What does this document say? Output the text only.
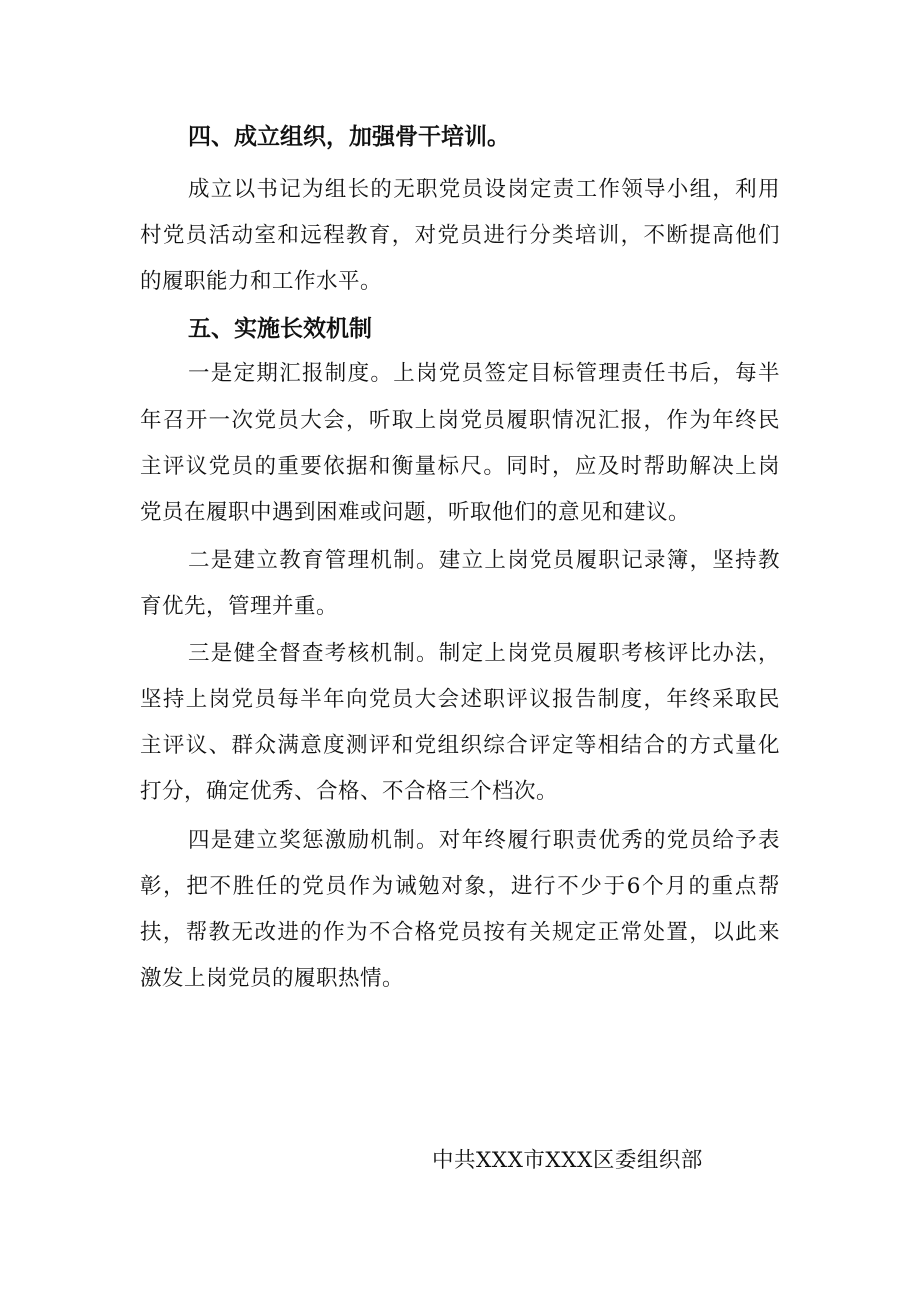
四、成立组织，加强骨干培训。
成立以书记为组长的无职党员设岗定责工作领导小组，利用
村党员活动室和远程教育，对党员进行分类培训，不断提高他们
的履职能力和工作水平。
五、实施长效机制
一是定期汇报制度。上岗党员签定目标管理责任书后，每半
年召开一次党员大会，听取上岗党员履职情况汇报，作为年终民
主评议党员的重要依据和衡量标尺。同时，应及时帮助解决上岗
党员在履职中遇到困难或问题，听取他们的意见和建议。
二是建立教育管理机制。建立上岗党员履职记录簿，坚持教
育优先，管理并重。
三是健全督查考核机制。制定上岗党员履职考核评比办法，
坚持上岗党员每半年向党员大会述职评议报告制度，年终采取民
主评议、群众满意度测评和党组织综合评定等相结合的方式量化
打分，确定优秀、合格、不合格三个档次。
四是建立奖惩激励机制。对年终履行职责优秀的党员给予表
彰，把不胜任的党员作为诫勉对象，进行不少于6个月的重点帮
扶，帮教无改进的作为不合格党员按有关规定正常处置，以此来
激发上岗党员的履职热情。
中共XXX市XXX区委组织部
